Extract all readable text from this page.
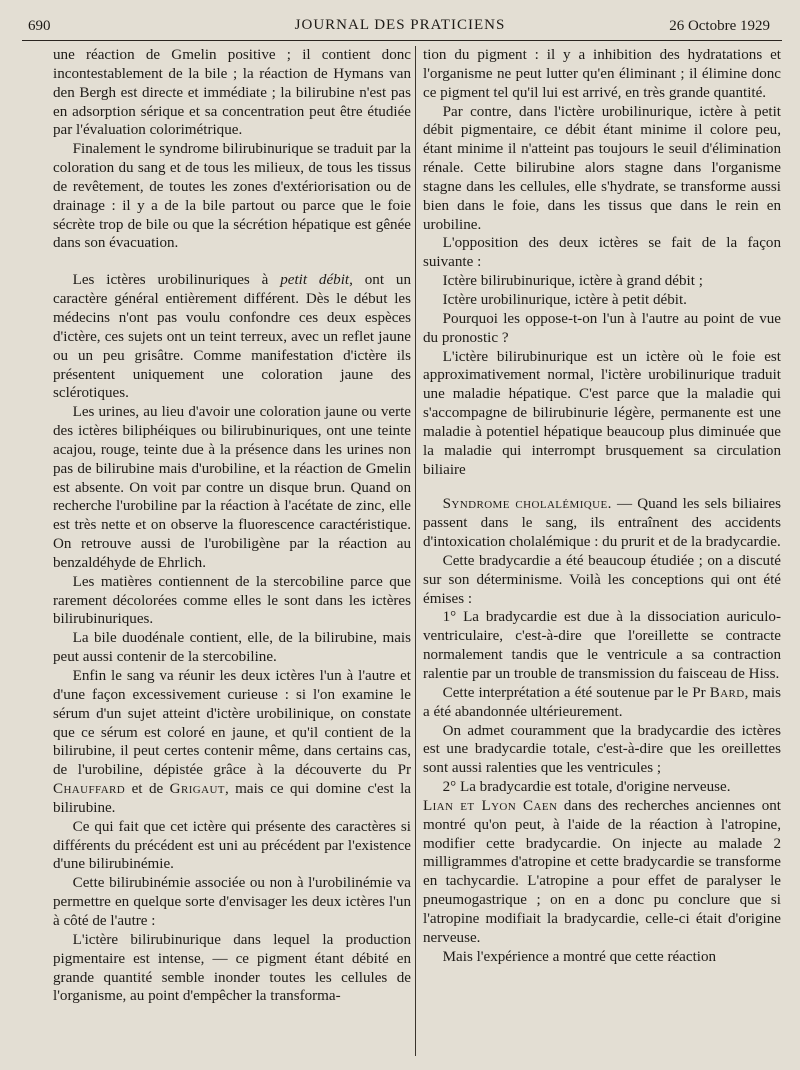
690	JOURNAL DES PRATICIENS	26 Octobre 1929

une réaction de Gmelin positive ; il contient donc incontestablement de la bile ; la réaction de Hymans van den Bergh est directe et immédiate ; la bilirubine n'est pas en adsorption sérique et sa concentration peut être étudiée par l'évaluation colorimétrique.

Finalement le syndrome bilirubinurique se traduit par la coloration du sang et de tous les milieux, de tous les tissus de revêtement, de toutes les zones d'extériorisation ou de drainage : il y a de la bile partout ou parce que le foie sécrète trop de bile ou que la sécrétion hépatique est gênée dans son évacuation.

Les ictères urobilinuriques à petit débit, ont un caractère général entièrement différent. Dès le début les médecins n'ont pas voulu confondre ces deux espèces d'ictère, ces sujets ont un teint terreux, avec un reflet jaune ou un peu grisâtre. Comme manifestation d'ictère ils présentent uniquement une coloration jaune des sclérotiques.

Les urines, au lieu d'avoir une coloration jaune ou verte des ictères biliphéiques ou bilirubinuriques, ont une teinte acajou, rouge, teinte due à la présence dans les urines non pas de bilirubine mais d'urobiline, et la réaction de Gmelin est absente. On voit par contre un disque brun. Quand on recherche l'urobiline par la réaction à l'acétate de zinc, elle est très nette et on observe la fluorescence caractéristique. On retrouve aussi de l'urobiligène par la réaction au benzaldéhyde de Ehrlich.

Les matières contiennent de la stercobiline parce que rarement décolorées comme elles le sont dans les ictères bilirubinuriques.

La bile duodénale contient, elle, de la bilirubine, mais peut aussi contenir de la stercobiline.

Enfin le sang va réunir les deux ictères l'un à l'autre et d'une façon excessivement curieuse : si l'on examine le sérum d'un sujet atteint d'ictère urobilinique, on constate que ce sérum est coloré en jaune, et qu'il contient de la bilirubine, il peut certes contenir même, dans certains cas, de l'urobiline, dépistée grâce à la découverte du Pr Chauffard et de Grigaut, mais ce qui domine c'est la bilirubine.

Ce qui fait que cet ictère qui présente des caractères si différents du précédent est uni au précédent par l'existence d'une bilirubinémie.

Cette bilirubinémie associée ou non à l'urobilinémie va permettre en quelque sorte d'envisager les deux ictères l'un à côté de l'autre :

L'ictère bilirubinurique dans lequel la production pigmentaire est intense, — ce pigment étant débité en grande quantité semble inonder toutes les cellules de l'organisme, au point d'empêcher la transforma-

tion du pigment : il y a inhibition des hydratations et l'organisme ne peut lutter qu'en éliminant ; il élimine donc ce pigment tel qu'il lui est arrivé, en très grande quantité.

Par contre, dans l'ictère urobilinurique, ictère à petit débit pigmentaire, ce débit étant minime il colore peu, étant minime il n'atteint pas toujours le seuil d'élimination rénale. Cette bilirubine alors stagne dans l'organisme stagne dans les cellules, elle s'hydrate, se transforme aussi bien dans le foie, dans les tissus que dans le rein en urobiline.

L'opposition des deux ictères se fait de la façon suivante :

Ictère bilirubinurique, ictère à grand débit ;

Ictère urobilinurique, ictère à petit débit.

Pourquoi les oppose-t-on l'un à l'autre au point de vue du pronostic ?

L'ictère bilirubinurique est un ictère où le foie est approximativement normal, l'ictère urobilinurique traduit une maladie hépatique. C'est parce que la maladie qui s'accompagne de bilirubinurie légère, permanente est une maladie à potentiel hépatique beaucoup plus diminuée que la maladie qui interrompt brusquement sa circulation biliaire

Syndrome cholalémique. — Quand les sels biliaires passent dans le sang, ils entraînent des accidents d'intoxication cholalémique : du prurit et de la bradycardie.

Cette bradycardie a été beaucoup étudiée ; on a discuté sur son déterminisme. Voilà les conceptions qui ont été émises :

1° La bradycardie est due à la dissociation auriculo-ventriculaire, c'est-à-dire que l'oreillette se contracte normalement tandis que le ventricule a sa contraction ralentie par un trouble de transmission du faisceau de Hiss.

Cette interprétation a été soutenue par le Pr Bard, mais a été abandonnée ultérieurement.

On admet couramment que la bradycardie des ictères est une bradycardie totale, c'est-à-dire que les oreillettes sont aussi ralenties que les ventricules ;

2° La bradycardie est totale, d'origine nerveuse.

Lian et Lyon Caen dans des recherches anciennes ont montré qu'on peut, à l'aide de la réaction à l'atropine, modifier cette bradycardie. On injecte au malade 2 milligrammes d'atropine et cette bradycardie se transforme en tachycardie. L'atropine a pour effet de paralyser le pneumogastrique ; on en a donc pu conclure que si l'atropine modifiait la bradycardie, celle-ci était d'origine nerveuse.

Mais l'expérience a montré que cette réaction
